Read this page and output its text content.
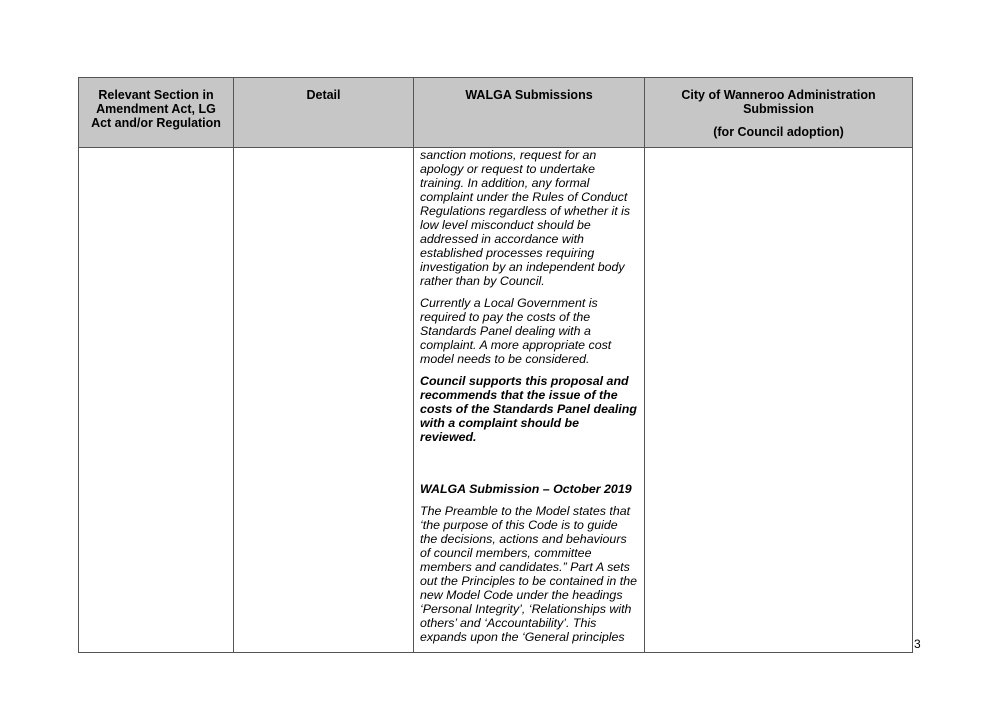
Relevant Section in Amendment Act, LG Act and/or Regulation	Detail	WALGA Submissions	City of Wanneroo Administration Submission
(for Council adoption)

		sanction motions, request for an apology or request to undertake training. In addition, any formal complaint under the Rules of Conduct Regulations regardless of whether it is low level misconduct should be addressed in accordance with established processes requiring investigation by an independent body rather than by Council.

Currently a Local Government is required to pay the costs of the Standards Panel dealing with a complaint. A more appropriate cost model needs to be considered.

Council supports this proposal and recommends that the issue of the costs of the Standards Panel dealing with a complaint should be reviewed.

WALGA Submission – October 2019

The Preamble to the Model states that ‘the purpose of this Code is to guide the decisions, actions and behaviours of council members, committee members and candidates.” Part A sets out the Principles to be contained in the new Model Code under the headings ‘Personal Integrity’, ‘Relationships with others’ and ‘Accountability’. This expands upon the ‘General principles	

		3
